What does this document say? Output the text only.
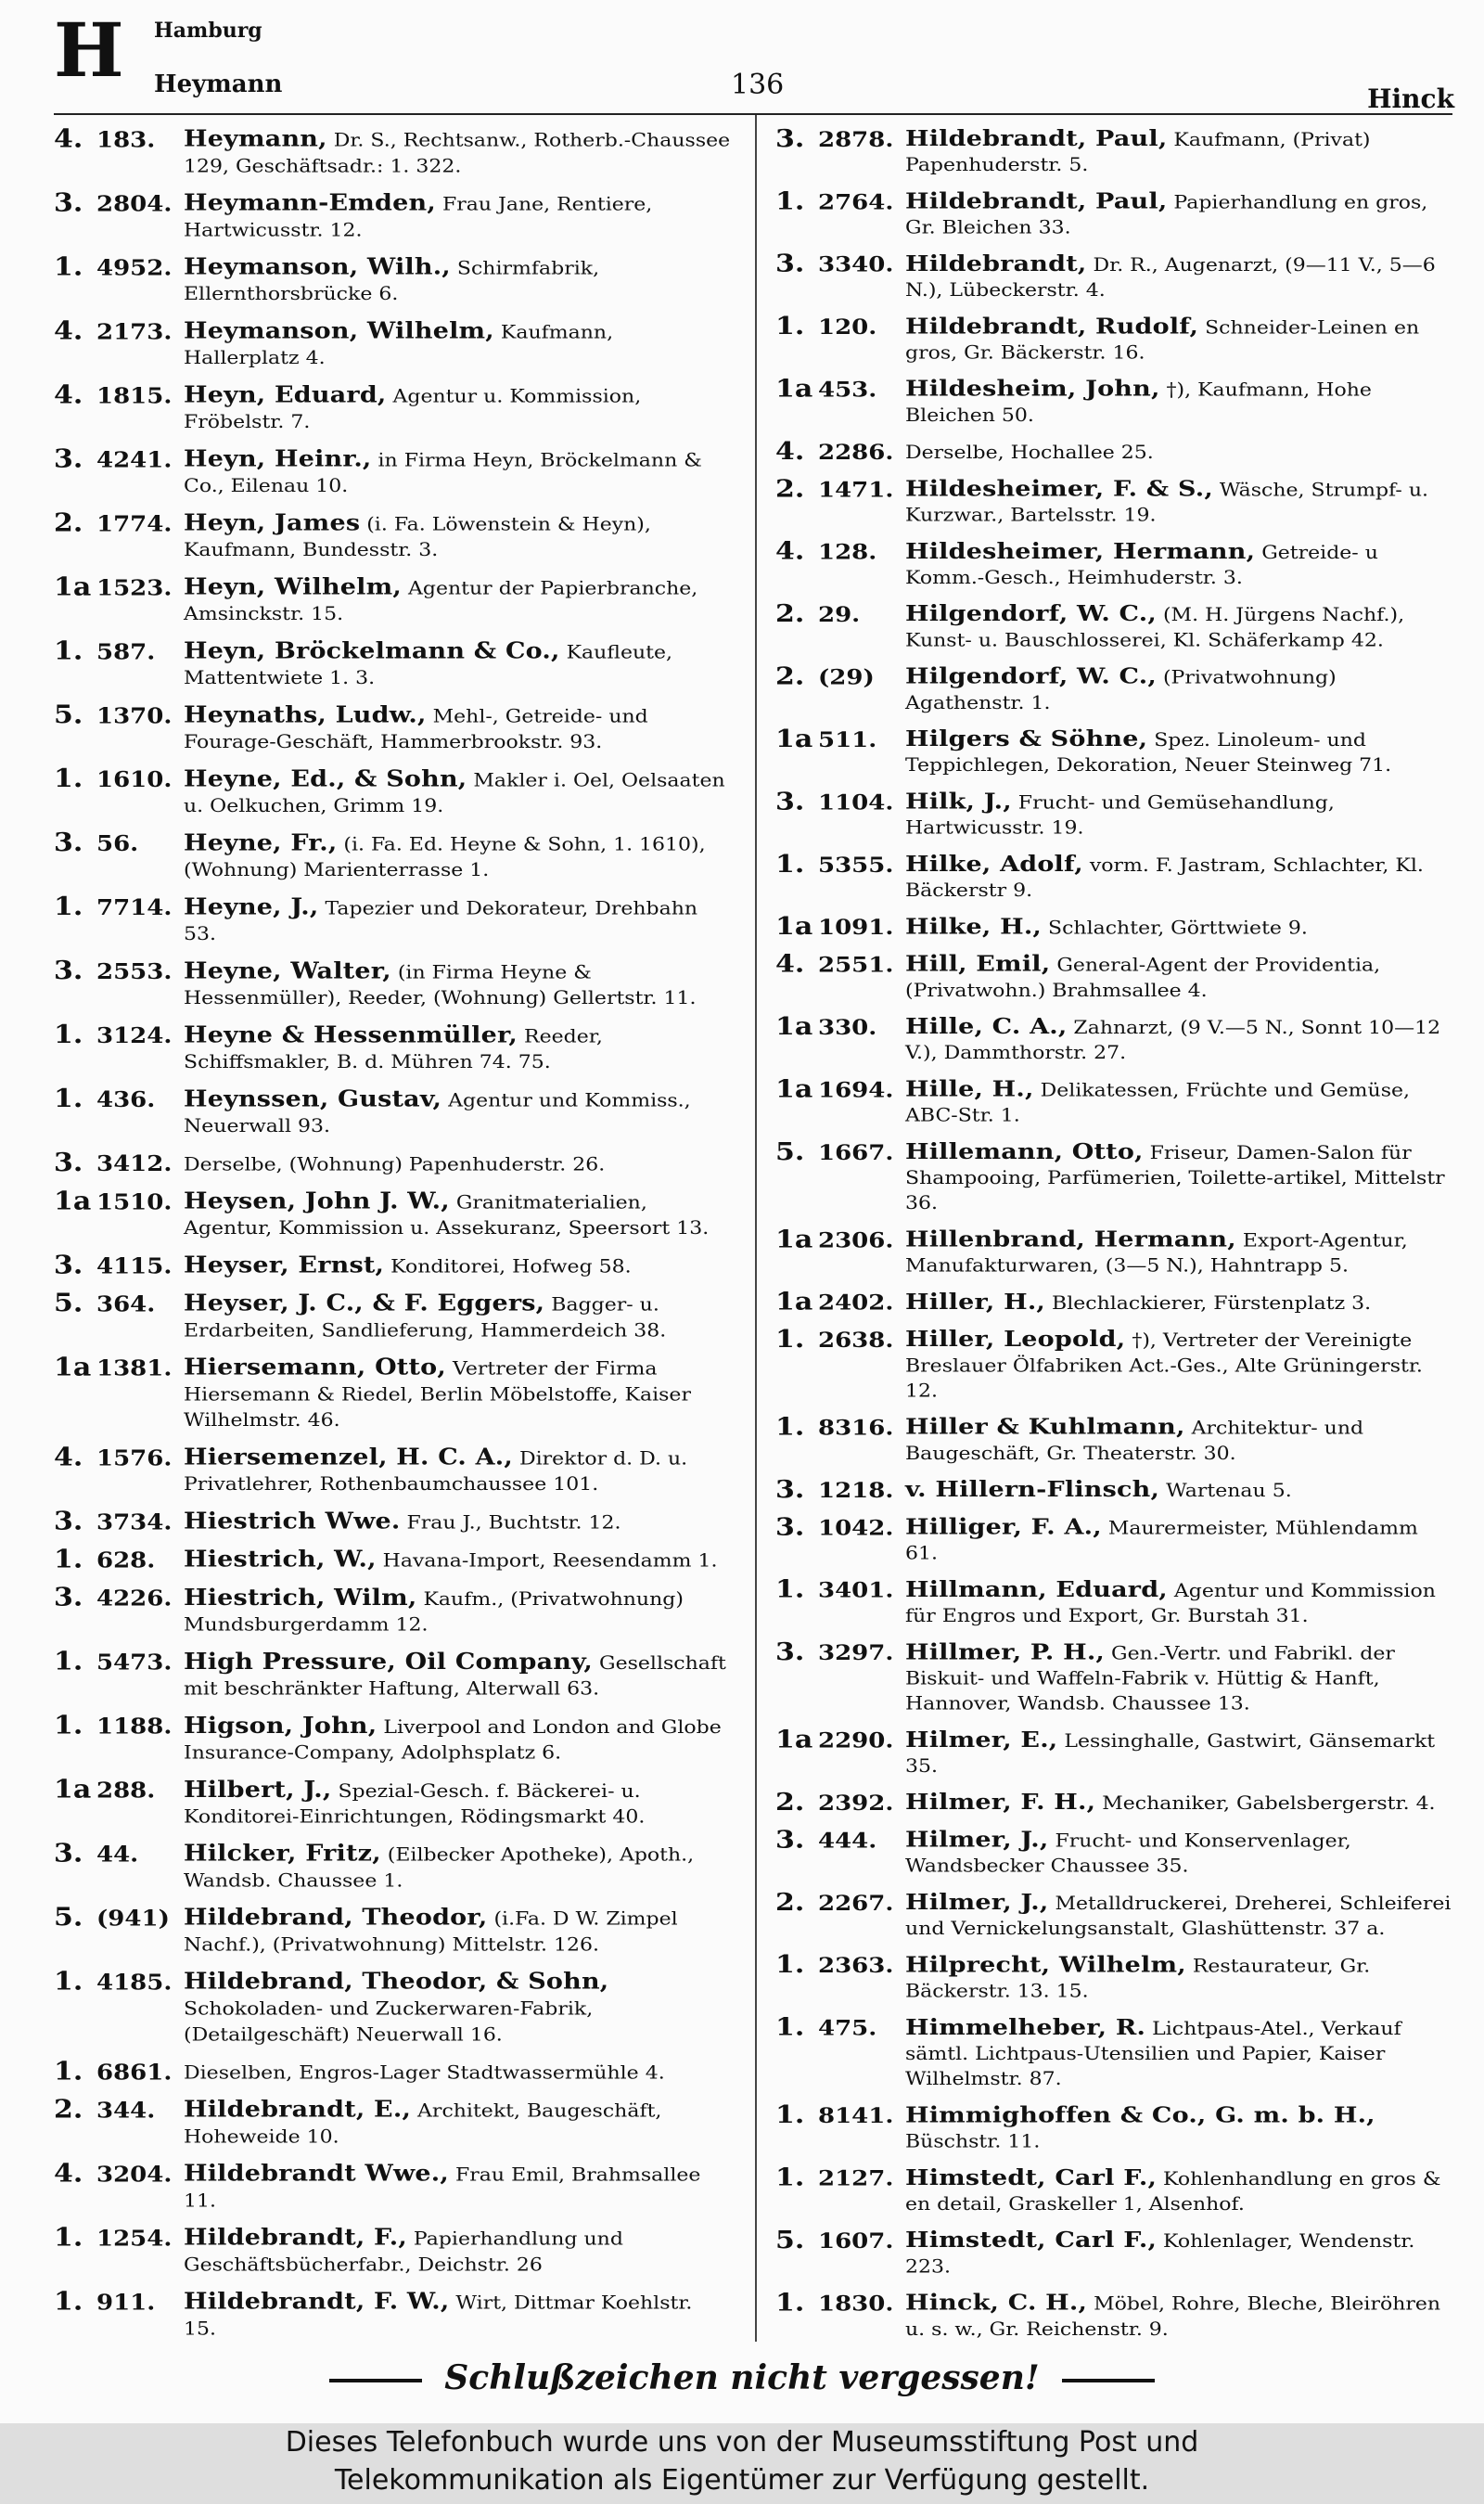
H Hamburg
Heymann	136	Hinck
4. 183.	Heymann, Dr. S., Rechtsanw., Rotherb.-Chaussee 129, Geschäftsadr.: 1. 322.
3. 2804. Heymann-Emden, Frau Jane, Rentiere, Hartwicusstr. 12.
1. 4952. Heymanson, Wilh., Schirmfabrik, Ellernthorsbrücke 6.
4. 2173. Heymanson, Wilhelm, Kaufmann, Hallerplatz 4.
4. 1815. Heyn, Eduard, Agentur u. Kommission, Fröbelstr. 7.
3. 4241. Heyn, Heinr., in Firma Heyn, Bröckelmann & Co., Eilenau 10.
2. 1774. Heyn, James (i. Fa. Löwenstein & Heyn), Kaufmann, Bundesstr. 3.
1a 1523. Heyn, Wilhelm, Agentur der Papierbranche, Amsinckstr. 15.
1. 587.	Heyn, Bröckelmann & Co., Kaufleute, Mattentwiete 1. 3.
5. 1370. Heynaths, Ludw., Mehl-, Getreide- und Fourage-Geschäft, Hammerbrookstr. 93.
1. 1610. Heyne, Ed., & Sohn, Makler i. Oel, Oelsaaten u. Oelkuchen, Grimm 19.
3. 56.	Heyne, Fr., (i. Fa. Ed. Heyne & Sohn, 1. 1610), (Wohnung) Marienterrasse 1.
1. 7714. Heyne, J., Tapezier und Dekorateur, Drehbahn 53.
3. 2553. Heyne, Walter, (in Firma Heyne & Hessenmüller), Reeder, (Wohnung) Gellertstr. 11.
1. 3124. Heyne & Hessenmüller, Reeder, Schiffsmakler, B. d. Mühren 74. 75.
1. 436.	Heynssen, Gustav, Agentur und Kommiss., Neuerwall 93.
3. 3412. Derselbe, (Wohnung) Papenhuderstr. 26.
1a 1510. Heysen, John J. W., Granitmaterialien, Agentur, Kommission u. Assekuranz, Speersort 13.
3. 4115. Heyser, Ernst, Konditorei, Hofweg 58.
5. 364.	Heyser, J. C., & F. Eggers, Bagger- u. Erdarbeiten, Sandlieferung, Hammerdeich 38.
1a 1381. Hiersemann, Otto, Vertreter der Firma Hiersemann & Riedel, Berlin Möbelstoffe, Kaiser Wilhelmstr. 46.
4. 1576. Hiersemenzel, H. C. A., Direktor d. D. u. Privatlehrer, Rothenbaumchaussee 101.
3. 3734. Hiestrich Wwe. Frau J., Buchtstr. 12.
1. 628.	Hiestrich, W., Havana-Import, Reesendamm 1.
3. 4226. Hiestrich, Wilm, Kaufm., (Privatwohnung) Mundsburgerdamm 12.
1. 5473. High Pressure, Oil Company, Gesellschaft mit beschränkter Haftung, Alterwall 63.
1. 1188. Higson, John, Liverpool and London and Globe Insurance-Company, Adolphsplatz 6.
1a 288.	Hilbert, J., Spezial-Gesch. f. Bäckerei- u. Konditorei-Einrichtungen, Rödingsmarkt 40.
3. 44.	Hilcker, Fritz, (Eilbecker Apotheke), Apoth., Wandsb. Chaussee 1.
5. (941) Hildebrand, Theodor, (i.Fa. D W. Zimpel Nachf.), (Privatwohnung) Mittelstr. 126.
1. 4185. Hildebrand, Theodor, & Sohn, Schokoladen- und Zuckerwaren-Fabrik, (Detailgeschäft) Neuerwall 16.
1. 6861. Dieselben, Engros-Lager Stadtwassermühle 4.
2. 344.	Hildebrandt, E., Architekt, Baugeschäft, Hoheweide 10.
4. 3204. Hildebrandt Wwe., Frau Emil, Brahmsallee 11.
1. 1254. Hildebrandt, F., Papierhandlung und Geschäftsbücherfabr., Deichstr. 26
1. 911.	Hildebrandt, F. W., Wirt, Dittmar Koehlstr. 15.
3. 2878. Hildebrandt, Paul, Kaufmann, (Privat) Papenhuderstr. 5.
1. 2764. Hildebrandt, Paul, Papierhandlung en gros, Gr. Bleichen 33.
3. 3340. Hildebrandt, Dr. R., Augenarzt, (9—11 V., 5—6 N.), Lübeckerstr. 4.
1. 120.	Hildebrandt, Rudolf, Schneider-Leinen en gros, Gr. Bäckerstr. 16.
1a 453.	Hildesheim, John, †), Kaufmann, Hohe Bleichen 50.
4. 2286. Derselbe, Hochallee 25.
2. 1471. Hildesheimer, F. & S., Wäsche, Strumpf- u. Kurzwar., Bartelsstr. 19.
4. 128.	Hildesheimer, Hermann, Getreide- u Komm.-Gesch., Heimhuderstr. 3.
2. 29.	Hilgendorf, W. C., (M. H. Jürgens Nachf.), Kunst- u. Bauschlosserei, Kl. Schäferkamp 42.
2. (29)	Hilgendorf, W. C., (Privatwohnung) Agathenstr. 1.
1a 511.	Hilgers & Söhne, Spez. Linoleum- und Teppichlegen, Dekoration, Neuer Steinweg 71.
3. 1104. Hilk, J., Frucht- und Gemüsehandlung, Hartwicusstr. 19.
1. 5355. Hilke, Adolf, vorm. F. Jastram, Schlachter, Kl. Bäckerstr 9.
1a 1091. Hilke, H., Schlachter, Görttwiete 9.
4. 2551. Hill, Emil, General-Agent der Providentia, (Privatwohn.) Brahmsallee 4.
1a 330.	Hille, C. A., Zahnarzt, (9 V.—5 N., Sonnt 10—12 V.), Dammthorstr. 27.
1a 1694. Hille, H., Delikatessen, Früchte und Gemüse, ABC-Str. 1.
5. 1667. Hillemann, Otto, Friseur, Damen-Salon für Shampooing, Parfümerien, Toilette-artikel, Mittelstr 36.
1a 2306. Hillenbrand, Hermann, Export-Agentur, Manufakturwaren, (3—5 N.), Hahntrapp 5.
1a 2402. Hiller, H., Blechlackierer, Fürstenplatz 3.
1. 2638. Hiller, Leopold, †), Vertreter der Vereinigte Breslauer Ölfabriken Act.-Ges., Alte Grüningerstr. 12.
1. 8316. Hiller & Kuhlmann, Architektur- und Baugeschäft, Gr. Theaterstr. 30.
3. 1218. v. Hillern-Flinsch, Wartenau 5.
3. 1042. Hilliger, F. A., Maurermeister, Mühlendamm 61.
1. 3401. Hillmann, Eduard, Agentur und Kommission für Engros und Export, Gr. Burstah 31.
3. 3297. Hillmer, P. H., Gen.-Vertr. und Fabrikl. der Biskuit- und Waffeln-Fabrik v. Hüttig & Hanft, Hannover, Wandsb. Chaussee 13.
1a 2290. Hilmer, E., Lessinghalle, Gastwirt, Gänsemarkt 35.
2. 2392. Hilmer, F. H., Mechaniker, Gabelsbergerstr. 4.
3. 444.	Hilmer, J., Frucht- und Konservenlager, Wandsbecker Chaussee 35.
2. 2267. Hilmer, J., Metalldruckerei, Dreherei, Schleiferei und Vernickelungsanstalt, Glashüttenstr. 37 a.
1. 2363. Hilprecht, Wilhelm, Restaurateur, Gr. Bäckerstr. 13. 15.
1. 475.	Himmelheber, R. Lichtpaus-Atel., Verkauf sämtl. Lichtpaus-Utensilien und Papier, Kaiser Wilhelmstr. 87.
1. 8141. Himmighoffen & Co., G. m. b. H., Büschstr. 11.
1. 2127. Himstedt, Carl F., Kohlenhandlung en gros & en detail, Graskeller 1, Alsenhof.
5. 1607. Himstedt, Carl F., Kohlenlager, Wendenstr. 223.
1. 1830. Hinck, C. H., Möbel, Rohre, Bleche, Bleiröhren u. s. w., Gr. Reichenstr. 9.
Schlußzeichen nicht vergessen!
Dieses Telefonbuch wurde uns von der Museumsstiftung Post und
Telekommunikation als Eigentümer zur Verfügung gestellt.
